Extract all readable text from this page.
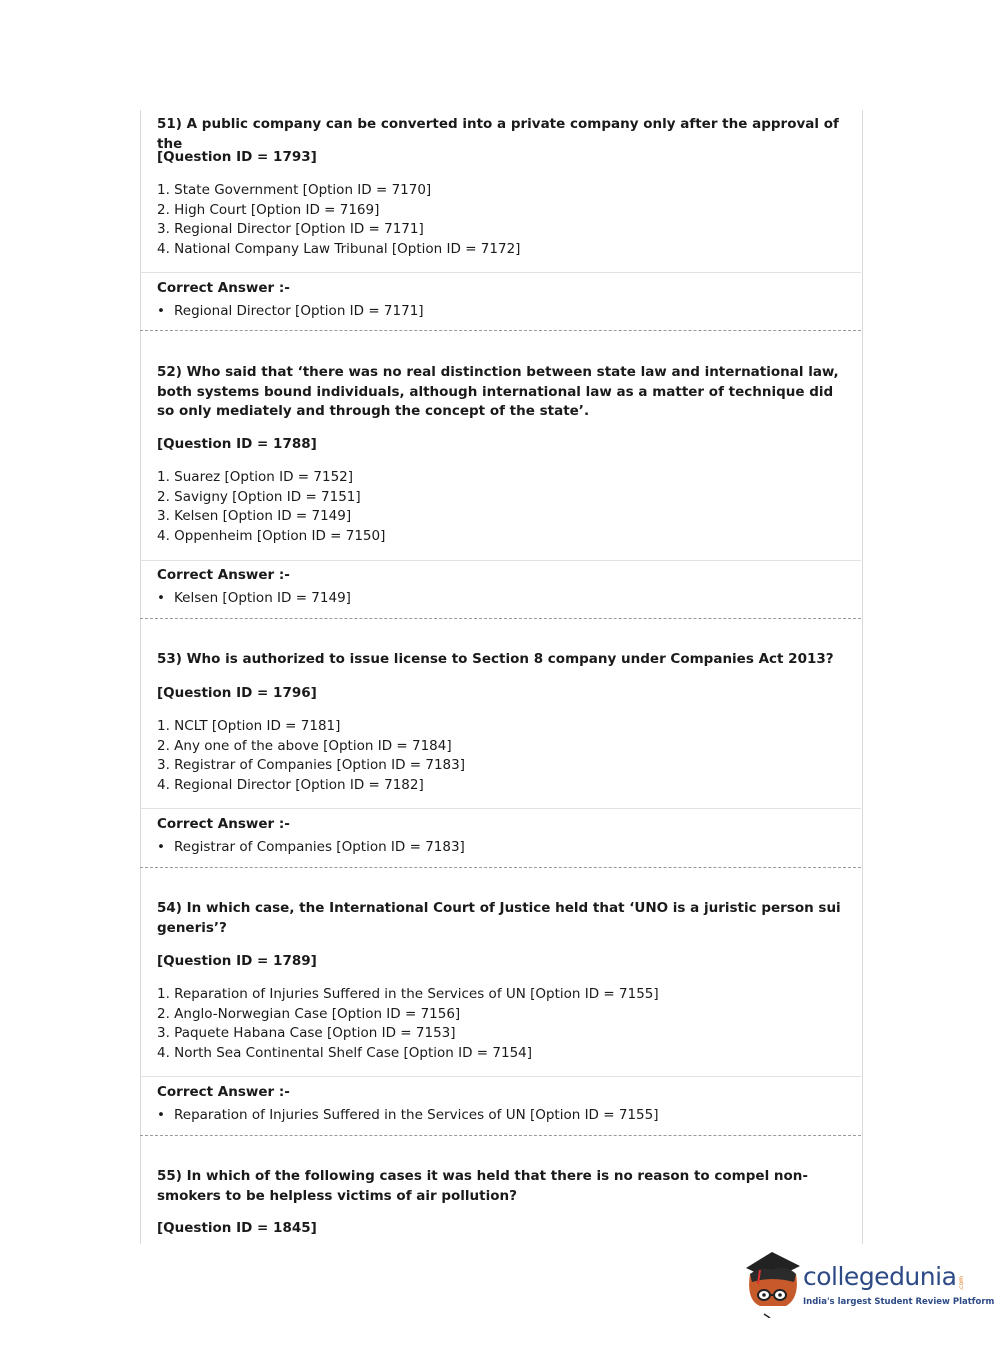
51) A public company can be converted into a private company only after the approval of the
[Question ID = 1793]
1. State Government [Option ID = 7170]
2. High Court [Option ID = 7169]
3. Regional Director [Option ID = 7171]
4. National Company Law Tribunal [Option ID = 7172]
Correct Answer :-
• Regional Director [Option ID = 7171]
52) Who said that ‘there was no real distinction between state law and international law, both systems bound individuals, although international law as a matter of technique did so only mediately and through the concept of the state’.
[Question ID = 1788]
1. Suarez [Option ID = 7152]
2. Savigny [Option ID = 7151]
3. Kelsen [Option ID = 7149]
4. Oppenheim [Option ID = 7150]
Correct Answer :-
• Kelsen [Option ID = 7149]
53) Who is authorized to issue license to Section 8 company under Companies Act 2013?
[Question ID = 1796]
1. NCLT [Option ID = 7181]
2. Any one of the above [Option ID = 7184]
3. Registrar of Companies [Option ID = 7183]
4. Regional Director [Option ID = 7182]
Correct Answer :-
• Registrar of Companies [Option ID = 7183]
54) In which case, the International Court of Justice held that ‘UNO is a juristic person sui generis’?
[Question ID = 1789]
1. Reparation of Injuries Suffered in the Services of UN [Option ID = 7155]
2. Anglo-Norwegian Case [Option ID = 7156]
3. Paquete Habana Case [Option ID = 7153]
4. North Sea Continental Shelf Case [Option ID = 7154]
Correct Answer :-
• Reparation of Injuries Suffered in the Services of UN [Option ID = 7155]
55) In which of the following cases it was held that there is no reason to compel non-smokers to be helpless victims of air pollution?
[Question ID = 1845]
collegedunia .com
India's largest Student Review Platform
